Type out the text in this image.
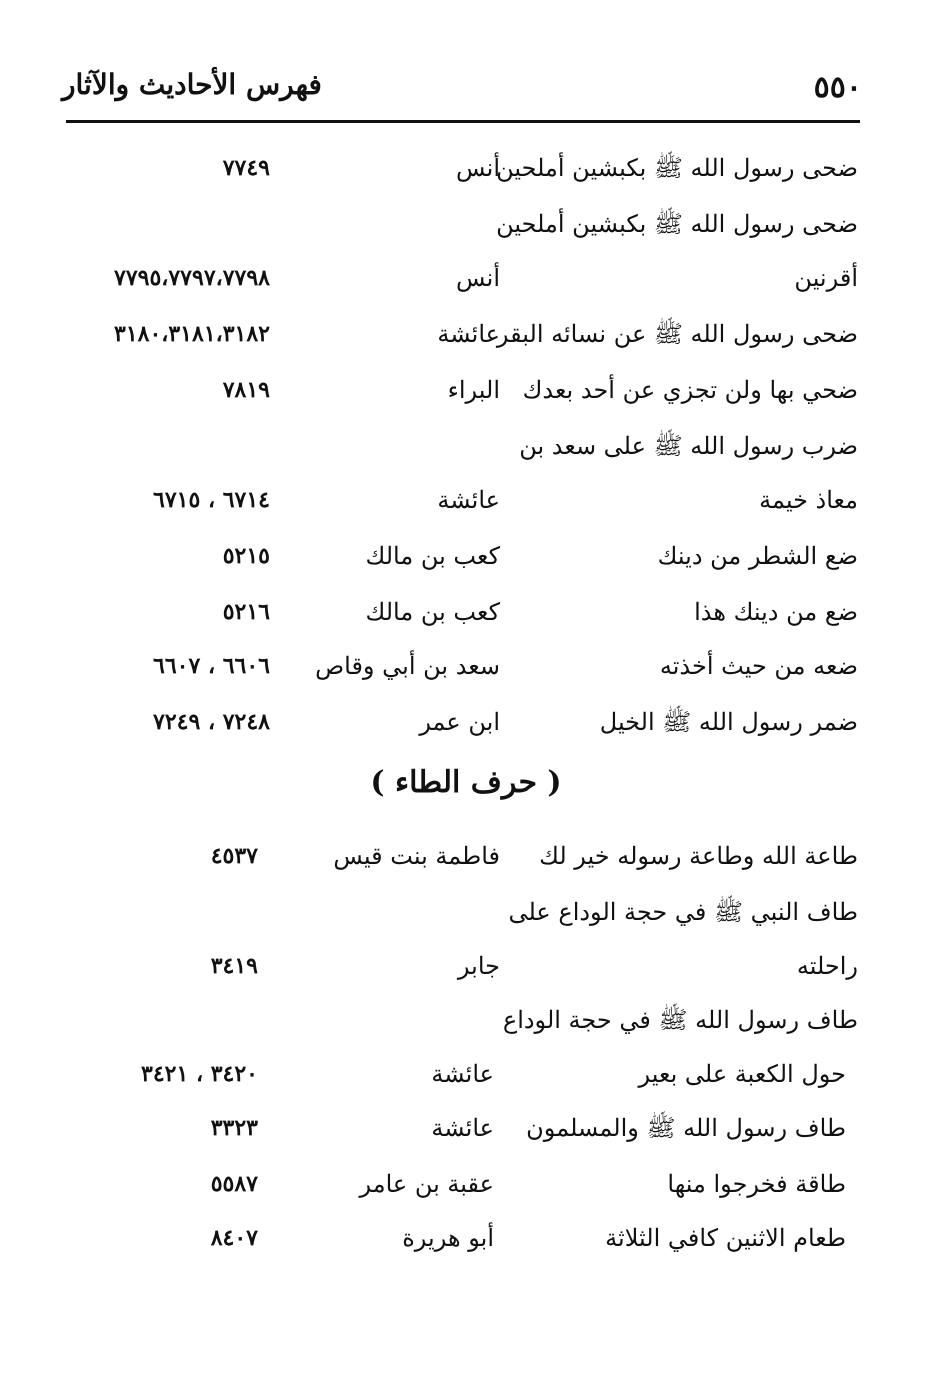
٥٥٠
فهرس الأحاديث والآثار
ضحى رسول الله ﷺ بكبشين أملحين
أنس
٧٧٤٩
ضحى رسول الله ﷺ بكبشين أملحين
أقرنين
أنس
٧٧٩٥،٧٧٩٧،٧٧٩٨
ضحى رسول الله ﷺ عن نسائه البقر
عائشة
٣١٨٠،٣١٨١،٣١٨٢
ضحي بها ولن تجزي عن أحد بعدك
البراء
٧٨١٩
ضرب رسول الله ﷺ على سعد بن
معاذ خيمة
عائشة
٦٧١٤ ، ٦٧١٥
ضع الشطر من دينك
كعب بن مالك
٥٢١٥
ضع من دينك هذا
كعب بن مالك
٥٢١٦
ضعه من حيث أخذته
سعد بن أبي وقاص
٦٦٠٦ ، ٦٦٠٧
ضمر رسول الله ﷺ الخيل
ابن عمر
٧٢٤٨ ، ٧٢٤٩
( حرف الطاء )
طاعة الله وطاعة رسوله خير لك
فاطمة بنت قيس
٤٥٣٧
طاف النبي ﷺ في حجة الوداع على
راحلته
جابر
٣٤١٩
طاف رسول الله ﷺ في حجة الوداع
حول الكعبة على بعير
عائشة
٣٤٢٠ ، ٣٤٢١
طاف رسول الله ﷺ والمسلمون
عائشة
٣٣٢٣
طاقة فخرجوا منها
عقبة بن عامر
٥٥٨٧
طعام الاثنين كافي الثلاثة
أبو هريرة
٨٤٠٧
